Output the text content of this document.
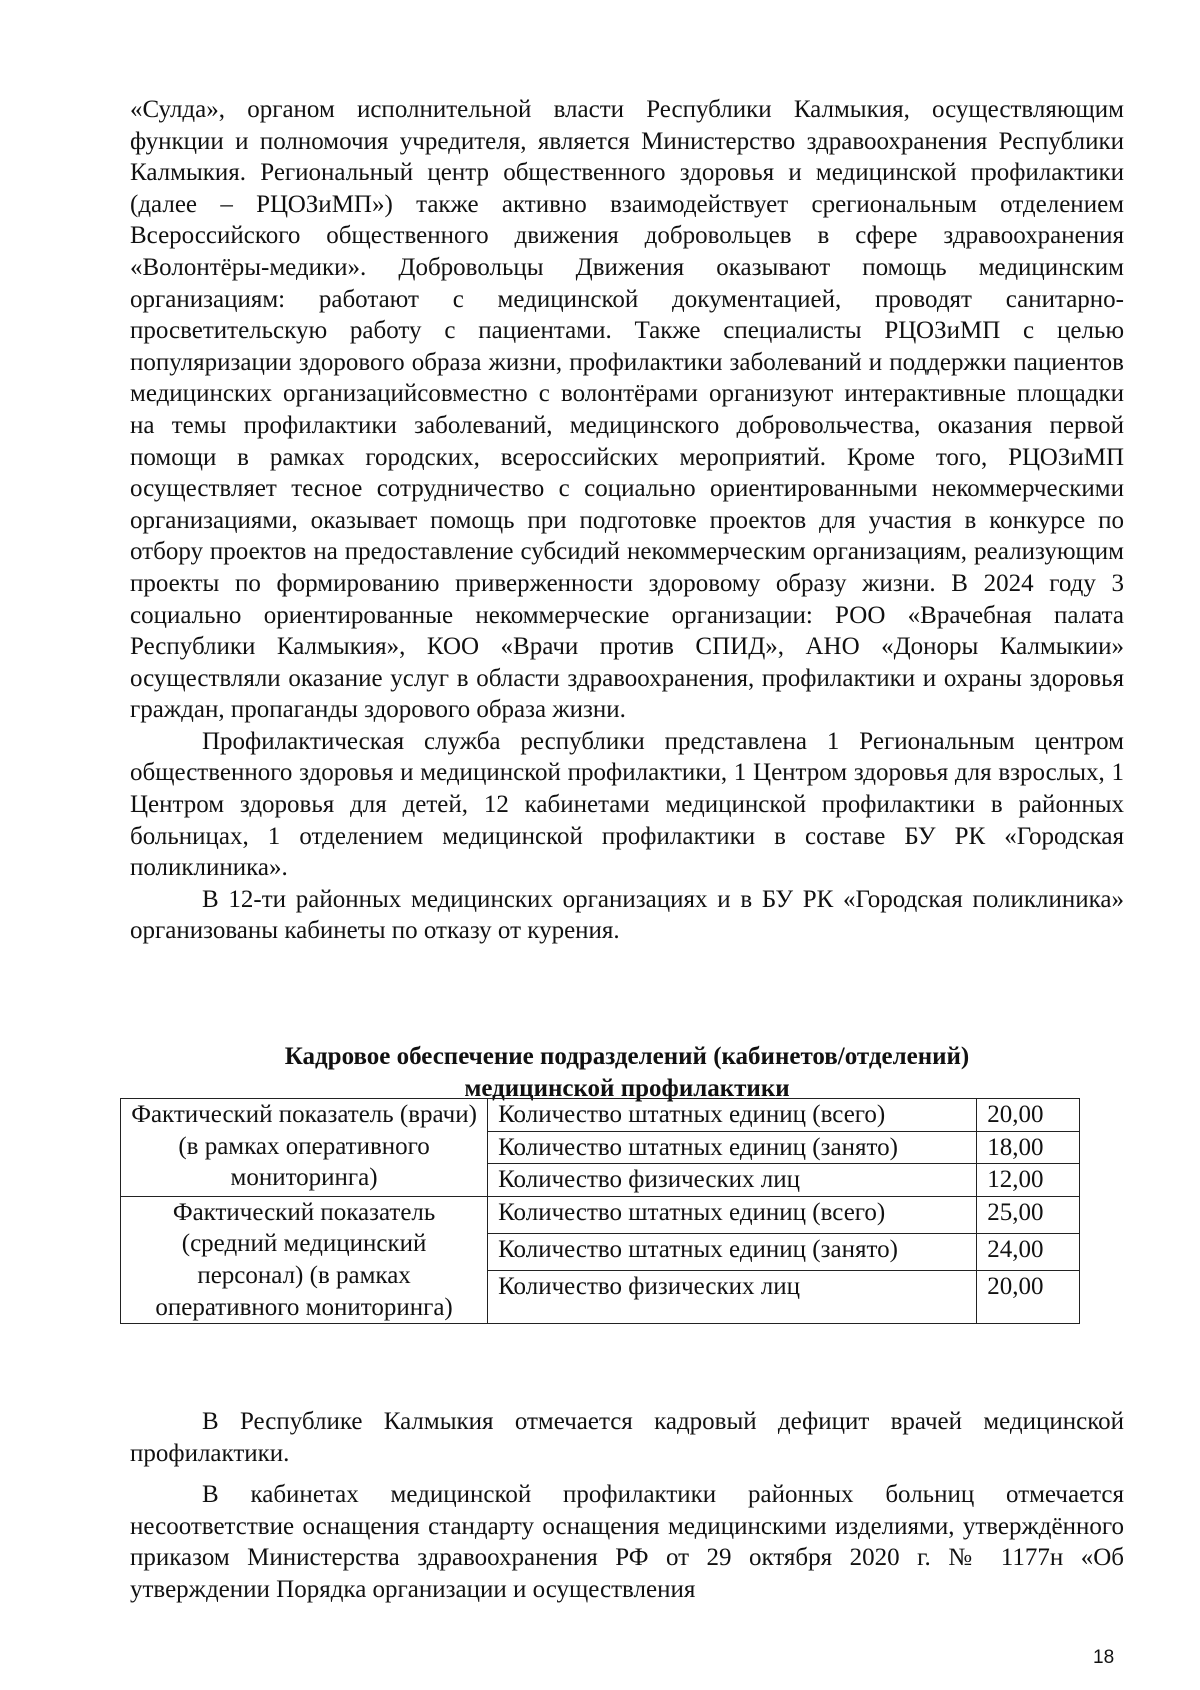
«Сулда», органом исполнительной власти Республики Калмыкия, осуществляющим функции и полномочия учредителя, является Министерство здравоохранения Республики Калмыкия. Региональный центр общественного здоровья и медицинской профилактики (далее – РЦОЗиМП») также активно взаимодействует срегиональным отделением Всероссийского общественного движения добровольцев в сфере здравоохранения «Волонтёры-медики». Добровольцы Движения оказывают помощь медицинским организациям: работают с медицинской документацией, проводят санитарно-просветительскую работу с пациентами. Также специалисты РЦОЗиМП с целью популяризации здорового образа жизни, профилактики заболеваний и поддержки пациентов медицинских организацийсовместно с волонтёрами организуют интерактивные площадки на темы профилактики заболеваний, медицинского добровольчества, оказания первой помощи в рамках городских, всероссийских мероприятий. Кроме того, РЦОЗиМП осуществляет тесное сотрудничество с социально ориентированными некоммерческими организациями, оказывает помощь при подготовке проектов для участия в конкурсе по отбору проектов на предоставление субсидий некоммерческим организациям, реализующим проекты по формированию приверженности здоровому образу жизни. В 2024 году 3 социально ориентированные некоммерческие организации: РОО «Врачебная палата Республики Калмыкия», КОО «Врачи против СПИД», АНО «Доноры Калмыкии» осуществляли оказание услуг в области здравоохранения, профилактики и охраны здоровья граждан, пропаганды здорового образа жизни.

Профилактическая служба республики представлена 1 Региональным центром общественного здоровья и медицинской профилактики, 1 Центром здоровья для взрослых, 1 Центром здоровья для детей, 12 кабинетами медицинской профилактики в районных больницах, 1 отделением медицинской профилактики в составе БУ РК «Городская поликлиника».

В 12-ти районных медицинских организациях и в БУ РК «Городская поликлиника» организованы кабинеты по отказу от курения.

Кадровое обеспечение подразделений (кабинетов/отделений)
медицинской профилактики
Фактический показатель (врачи) (в рамках оперативного мониторинга)	Количество штатных единиц (всего)	20,00
	Количество штатных единиц (занято)	18,00
	Количество физических лиц	12,00
Фактический показатель (средний медицинский персонал) (в рамках оперативного мониторинга)	Количество штатных единиц (всего)	25,00
	Количество штатных единиц (занято)	24,00
	Количество физических лиц	20,00

В Республике Калмыкия отмечается кадровый дефицит врачей медицинской профилактики.

В кабинетах медицинской профилактики районных больниц отмечается несоответствие оснащения стандарту оснащения медицинскими изделиями, утверждённого приказом Министерства здравоохранения РФ от 29 октября 2020 г. № 1177н «Об утверждении Порядка организации и осуществления

18
